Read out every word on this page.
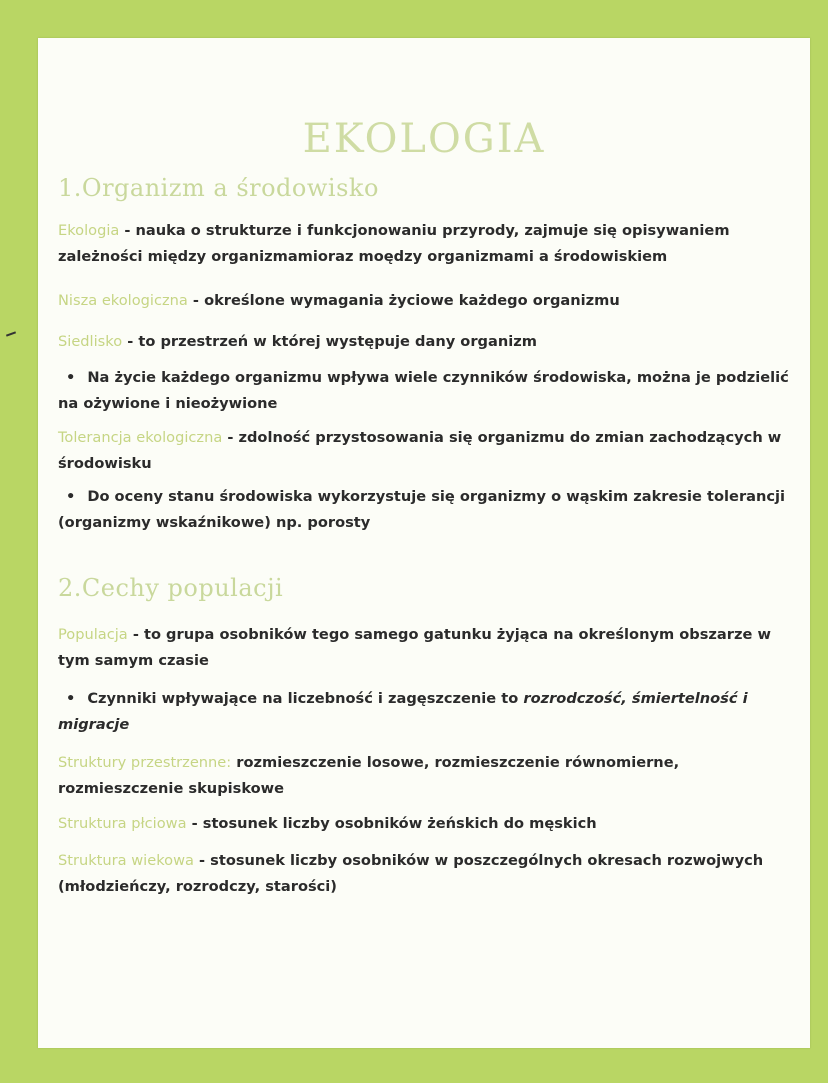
EKOLOGIA
1.Organizm a środowisko

Ekologia - nauka o strukturze i funkcjonowaniu przyrody, zajmuje się opisywaniem zależności między organizmamioraz moędzy organizmami a środowiskiem

Nisza ekologiczna - określone wymagania życiowe każdego organizmu

Siedlisko - to przestrzeń w której występuje dany organizm

• Na życie każdego organizmu wpływa wiele czynników środowiska, można je podzielić na ożywione i nieożywione

Tolerancja ekologiczna - zdolność przystosowania się organizmu do zmian zachodzących w środowisku

• Do oceny stanu środowiska wykorzystuje się organizmy o wąskim zakresie tolerancji (organizmy wskaźnikowe) np. porosty

2.Cechy populacji

Populacja - to grupa osobników tego samego gatunku żyjąca na określonym obszarze w tym samym czasie

• Czynniki wpływające na liczebność i zagęszczenie to rozrodczość, śmiertelność i migracje

Struktury przestrzenne: rozmieszczenie losowe, rozmieszczenie równomierne, rozmieszczenie skupiskowe

Struktura płciowa - stosunek liczby osobników żeńskich do męskich

Struktura wiekowa - stosunek liczby osobników w poszczególnych okresach rozwojwych (młodzieńczy, rozrodczy, starości)
